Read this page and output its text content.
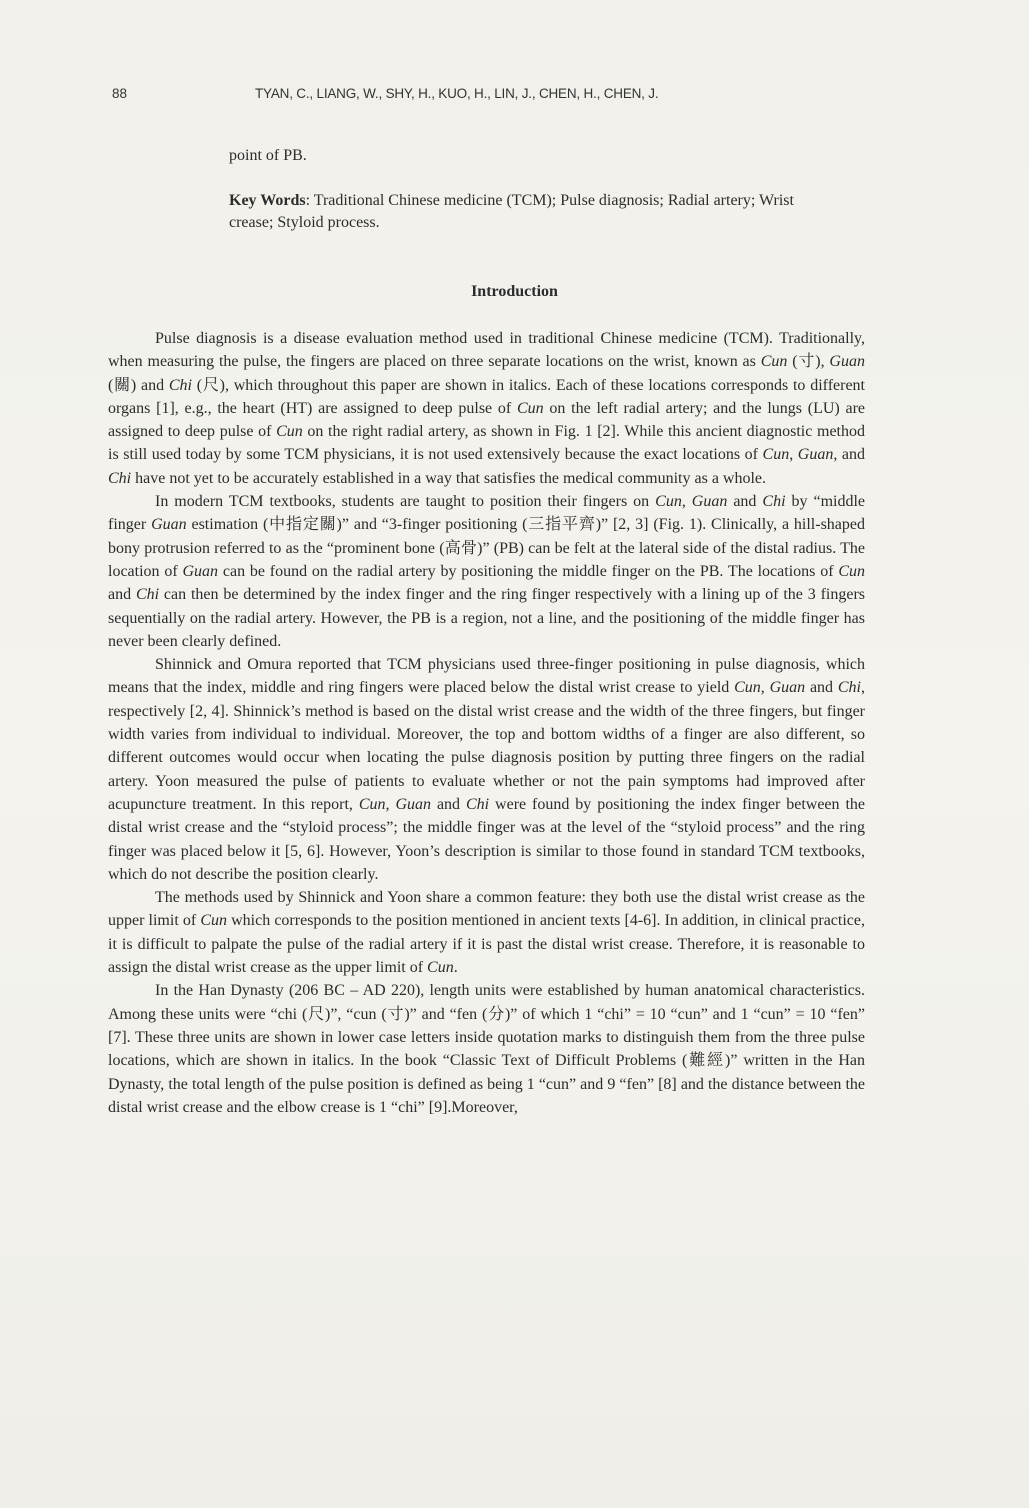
88	TYAN, C., LIANG, W., SHY, H., KUO, H., LIN, J., CHEN, H., CHEN, J.
point of PB.
Key Words: Traditional Chinese medicine (TCM); Pulse diagnosis; Radial artery; Wrist crease; Styloid process.
Introduction

Pulse diagnosis is a disease evaluation method used in traditional Chinese medicine (TCM). Traditionally, when measuring the pulse, the fingers are placed on three separate locations on the wrist, known as Cun (寸), Guan (關) and Chi (尺), which throughout this paper are shown in italics. Each of these locations corresponds to different organs [1], e.g., the heart (HT) are assigned to deep pulse of Cun on the left radial artery; and the lungs (LU) are assigned to deep pulse of Cun on the right radial artery, as shown in Fig. 1 [2]. While this ancient diagnostic method is still used today by some TCM physicians, it is not used extensively because the exact locations of Cun, Guan, and Chi have not yet to be accurately established in a way that satisfies the medical community as a whole.

In modern TCM textbooks, students are taught to position their fingers on Cun, Guan and Chi by “middle finger Guan estimation (中指定關)” and “3-finger positioning (三指平齊)” [2, 3] (Fig. 1). Clinically, a hill-shaped bony protrusion referred to as the “prominent bone (高骨)” (PB) can be felt at the lateral side of the distal radius. The location of Guan can be found on the radial artery by positioning the middle finger on the PB. The locations of Cun and Chi can then be determined by the index finger and the ring finger respectively with a lining up of the 3 fingers sequentially on the radial artery. However, the PB is a region, not a line, and the positioning of the middle finger has never been clearly defined.

Shinnick and Omura reported that TCM physicians used three-finger positioning in pulse diagnosis, which means that the index, middle and ring fingers were placed below the distal wrist crease to yield Cun, Guan and Chi, respectively [2, 4]. Shinnick’s method is based on the distal wrist crease and the width of the three fingers, but finger width varies from individual to individual. Moreover, the top and bottom widths of a finger are also different, so different outcomes would occur when locating the pulse diagnosis position by putting three fingers on the radial artery. Yoon measured the pulse of patients to evaluate whether or not the pain symptoms had improved after acupuncture treatment. In this report, Cun, Guan and Chi were found by positioning the index finger between the distal wrist crease and the “styloid process”; the middle finger was at the level of the “styloid process” and the ring finger was placed below it [5, 6]. However, Yoon’s description is similar to those found in standard TCM textbooks, which do not describe the position clearly.

The methods used by Shinnick and Yoon share a common feature: they both use the distal wrist crease as the upper limit of Cun which corresponds to the position mentioned in ancient texts [4-6]. In addition, in clinical practice, it is difficult to palpate the pulse of the radial artery if it is past the distal wrist crease. Therefore, it is reasonable to assign the distal wrist crease as the upper limit of Cun.

In the Han Dynasty (206 BC – AD 220), length units were established by human anatomical characteristics. Among these units were “chi (尺)”, “cun (寸)” and “fen (分)” of which 1 “chi” = 10 “cun” and 1 “cun” = 10 “fen” [7]. These three units are shown in lower case letters inside quotation marks to distinguish them from the three pulse locations, which are shown in italics. In the book “Classic Text of Difficult Problems (難經)” written in the Han Dynasty, the total length of the pulse position is defined as being 1 “cun” and 9 “fen” [8] and the distance between the distal wrist crease and the elbow crease is 1 “chi” [9].Moreover,
